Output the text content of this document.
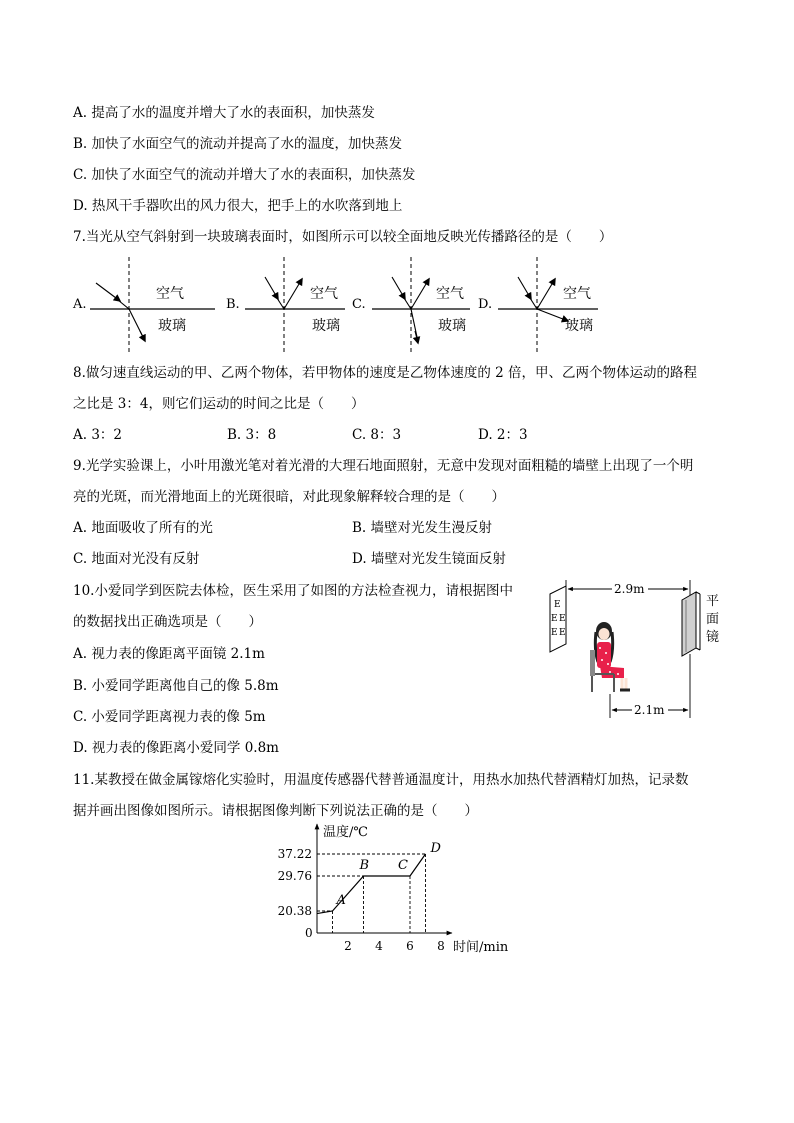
A. 提高了水的温度并增大了水的表面积，加快蒸发
B. 加快了水面空气的流动并提高了水的温度，加快蒸发
C. 加快了水面空气的流动并增大了水的表面积，加快蒸发
D. 热风干手器吹出的风力很大，把手上的水吹落到地上
7.当光从空气斜射到一块玻璃表面时，如图所示可以较全面地反映光传播路径的是（　　）
A.
空气
玻璃
B.
空气
玻璃
C.
空气
玻璃
D.
空气
玻璃
8.做匀速直线运动的甲、乙两个物体，若甲物体的速度是乙物体速度的 2 倍，甲、乙两个物体运动的路程
之比是 3：4，则它们运动的时间之比是（　　）
A. 3：2	B. 3：8	C. 8：3	D. 2：3
9.光学实验课上，小叶用激光笔对着光滑的大理石地面照射，无意中发现对面粗糙的墙壁上出现了一个明
亮的光斑，而光滑地面上的光斑很暗，对此现象解释较合理的是（　　）
A. 地面吸收了所有的光	B. 墙壁对光发生漫反射
C. 地面对光没有反射	D. 墙壁对光发生镜面反射
10.小爱同学到医院去体检，医生采用了如图的方法检查视力，请根据图中
的数据找出正确选项是（　　）
A. 视力表的像距离平面镜 2.1m
B. 小爱同学距离他自己的像 5.8m
C. 小爱同学距离视力表的像 5m
D. 视力表的像距离小爱同学 0.8m
2.9m
E
E E
E E
平
面
镜
2.1m
11.某教授在做金属镓熔化实验时，用温度传感器代替普通温度计，用热水加热代替酒精灯加热，记录数
据并画出图像如图所示。请根据图像判断下列说法正确的是（　　）
温度/℃
时间/min
0
20.38
29.76
37.22
2 4 6 8
A
B C
D
